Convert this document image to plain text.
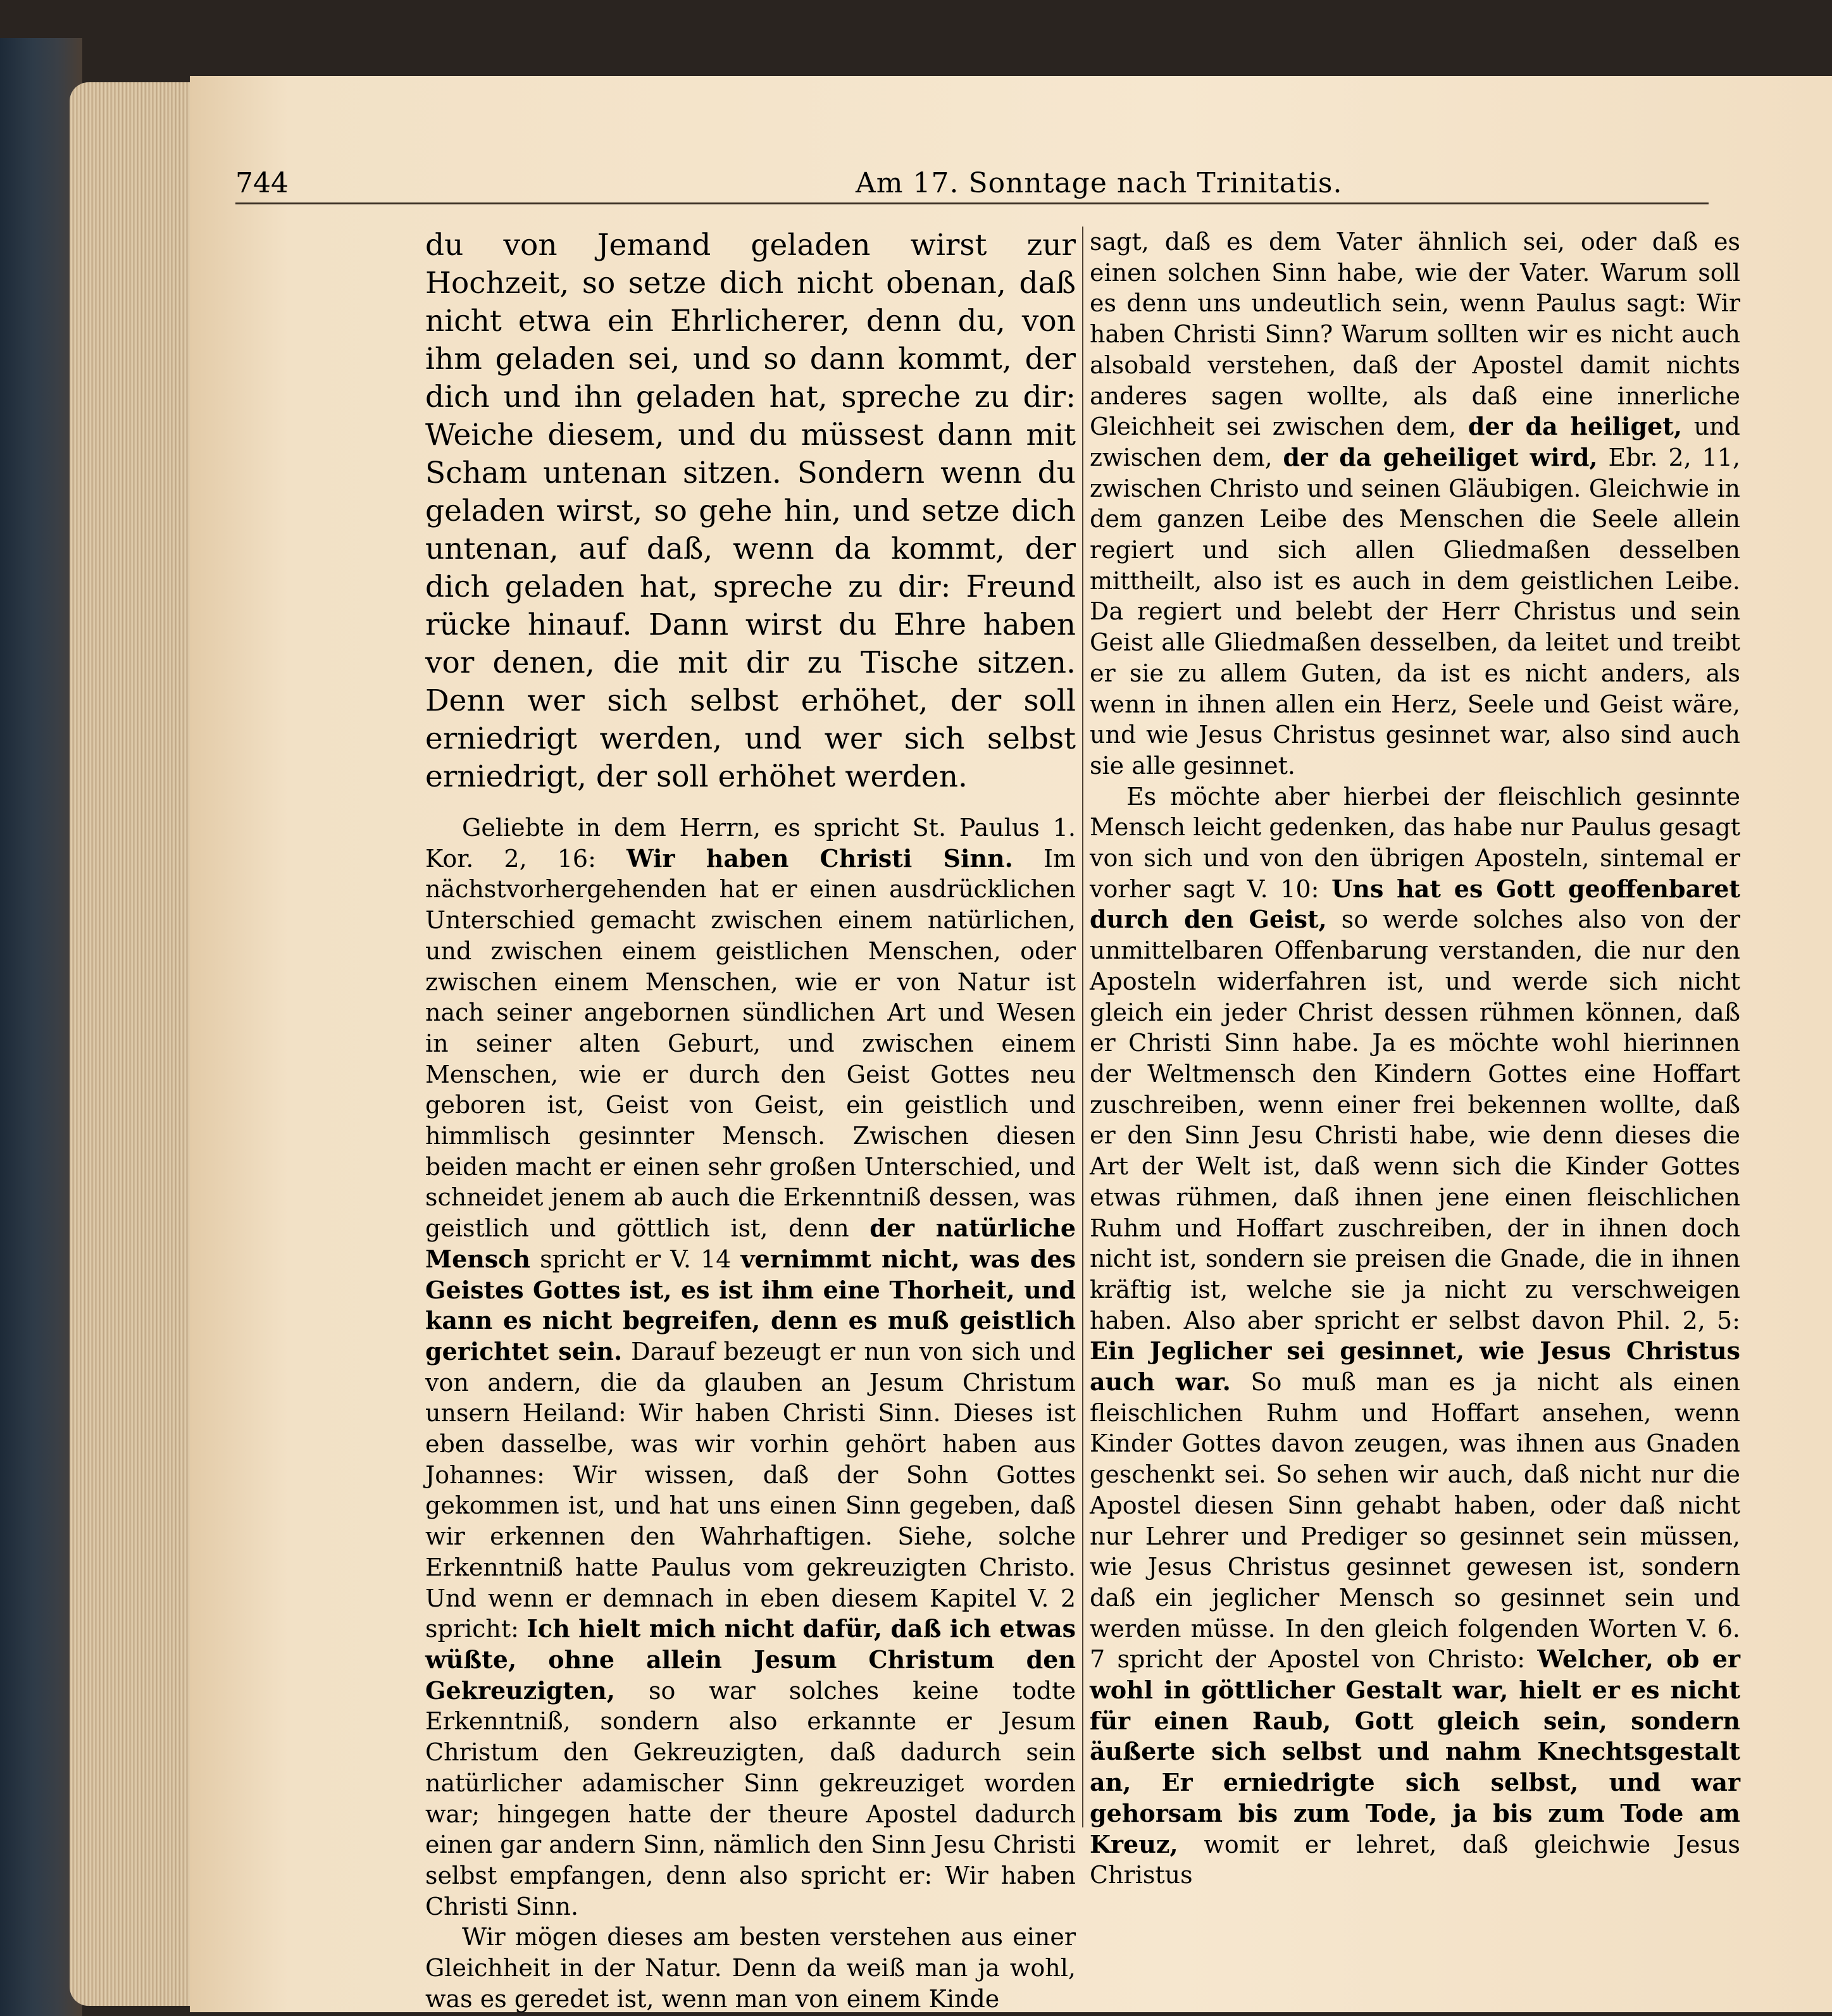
744	Am 17. Sonntage nach Trinitatis.

du von Jemand geladen wirst zur Hochzeit, so setze dich nicht obenan, daß nicht etwa ein Ehrlicherer, denn du, von ihm geladen sei, und so dann kommt, der dich und ihn geladen hat, spreche zu dir: Weiche diesem, und du müssest dann mit Scham untenan sitzen. Sondern wenn du geladen wirst, so gehe hin, und setze dich untenan, auf daß, wenn da kommt, der dich geladen hat, spreche zu dir: Freund rücke hinauf. Dann wirst du Ehre haben vor denen, die mit dir zu Tische sitzen. Denn wer sich selbst erhöhet, der soll erniedrigt werden, und wer sich selbst erniedrigt, der soll erhöhet werden.

Geliebte in dem Herrn, es spricht St. Paulus 1. Kor. 2, 16: Wir haben Christi Sinn. Im nächstvorhergehenden hat er einen ausdrücklichen Unterschied gemacht zwischen einem natürlichen, und zwischen einem geistlichen Menschen, oder zwischen einem Menschen, wie er von Natur ist nach seiner angebornen sündlichen Art und Wesen in seiner alten Geburt, und zwischen einem Menschen, wie er durch den Geist Gottes neu geboren ist, Geist von Geist, ein geistlich und himmlisch gesinnter Mensch. Zwischen diesen beiden macht er einen sehr großen Unterschied, und schneidet jenem ab auch die Erkenntniß dessen, was geistlich und göttlich ist, denn der natürliche Mensch spricht er V. 14 vernimmt nicht, was des Geistes Gottes ist, es ist ihm eine Thorheit, und kann es nicht begreifen, denn es muß geistlich gerichtet sein. Darauf bezeugt er nun von sich und von andern, die da glauben an Jesum Christum unsern Heiland: Wir haben Christi Sinn. Dieses ist eben dasselbe, was wir vorhin gehört haben aus Johannes: Wir wissen, daß der Sohn Gottes gekommen ist, und hat uns einen Sinn gegeben, daß wir erkennen den Wahrhaftigen. Siehe, solche Erkenntniß hatte Paulus vom gekreuzigten Christo. Und wenn er demnach in eben diesem Kapitel V. 2 spricht: Ich hielt mich nicht dafür, daß ich etwas wüßte, ohne allein Jesum Christum den Gekreuzigten, so war solches keine todte Erkenntniß, sondern also erkannte er Jesum Christum den Gekreuzigten, daß dadurch sein natürlicher adamischer Sinn gekreuziget worden war; hingegen hatte der theure Apostel dadurch einen gar andern Sinn, nämlich den Sinn Jesu Christi selbst empfangen, denn also spricht er: Wir haben Christi Sinn.

Wir mögen dieses am besten verstehen aus einer Gleichheit in der Natur. Denn da weiß man ja wohl, was es geredet ist, wenn man von einem Kinde

sagt, daß es dem Vater ähnlich sei, oder daß es einen solchen Sinn habe, wie der Vater. Warum soll es denn uns undeutlich sein, wenn Paulus sagt: Wir haben Christi Sinn? Warum sollten wir es nicht auch alsobald verstehen, daß der Apostel damit nichts anderes sagen wollte, als daß eine innerliche Gleichheit sei zwischen dem, der da heiliget, und zwischen dem, der da geheiliget wird, Ebr. 2, 11, zwischen Christo und seinen Gläubigen. Gleichwie in dem ganzen Leibe des Menschen die Seele allein regiert und sich allen Gliedmaßen desselben mittheilt, also ist es auch in dem geistlichen Leibe. Da regiert und belebt der Herr Christus und sein Geist alle Gliedmaßen desselben, da leitet und treibt er sie zu allem Guten, da ist es nicht anders, als wenn in ihnen allen ein Herz, Seele und Geist wäre, und wie Jesus Christus gesinnet war, also sind auch sie alle gesinnet.

Es möchte aber hierbei der fleischlich gesinnte Mensch leicht gedenken, das habe nur Paulus gesagt von sich und von den übrigen Aposteln, sintemal er vorher sagt V. 10: Uns hat es Gott geoffenbaret durch den Geist, so werde solches also von der unmittelbaren Offenbarung verstanden, die nur den Aposteln widerfahren ist, und werde sich nicht gleich ein jeder Christ dessen rühmen können, daß er Christi Sinn habe. Ja es möchte wohl hierinnen der Weltmensch den Kindern Gottes eine Hoffart zuschreiben, wenn einer frei bekennen wollte, daß er den Sinn Jesu Christi habe, wie denn dieses die Art der Welt ist, daß wenn sich die Kinder Gottes etwas rühmen, daß ihnen jene einen fleischlichen Ruhm und Hoffart zuschreiben, der in ihnen doch nicht ist, sondern sie preisen die Gnade, die in ihnen kräftig ist, welche sie ja nicht zu verschweigen haben. Also aber spricht er selbst davon Phil. 2, 5: Ein Jeglicher sei gesinnet, wie Jesus Christus auch war. So muß man es ja nicht als einen fleischlichen Ruhm und Hoffart ansehen, wenn Kinder Gottes davon zeugen, was ihnen aus Gnaden geschenkt sei. So sehen wir auch, daß nicht nur die Apostel diesen Sinn gehabt haben, oder daß nicht nur Lehrer und Prediger so gesinnet sein müssen, wie Jesus Christus gesinnet gewesen ist, sondern daß ein jeglicher Mensch so gesinnet sein und werden müsse. In den gleich folgenden Worten V. 6. 7 spricht der Apostel von Christo: Welcher, ob er wohl in göttlicher Gestalt war, hielt er es nicht für einen Raub, Gott gleich sein, sondern äußerte sich selbst und nahm Knechtsgestalt an, Er erniedrigte sich selbst, und war gehorsam bis zum Tode, ja bis zum Tode am Kreuz, womit er lehret, daß gleichwie Jesus Christus
